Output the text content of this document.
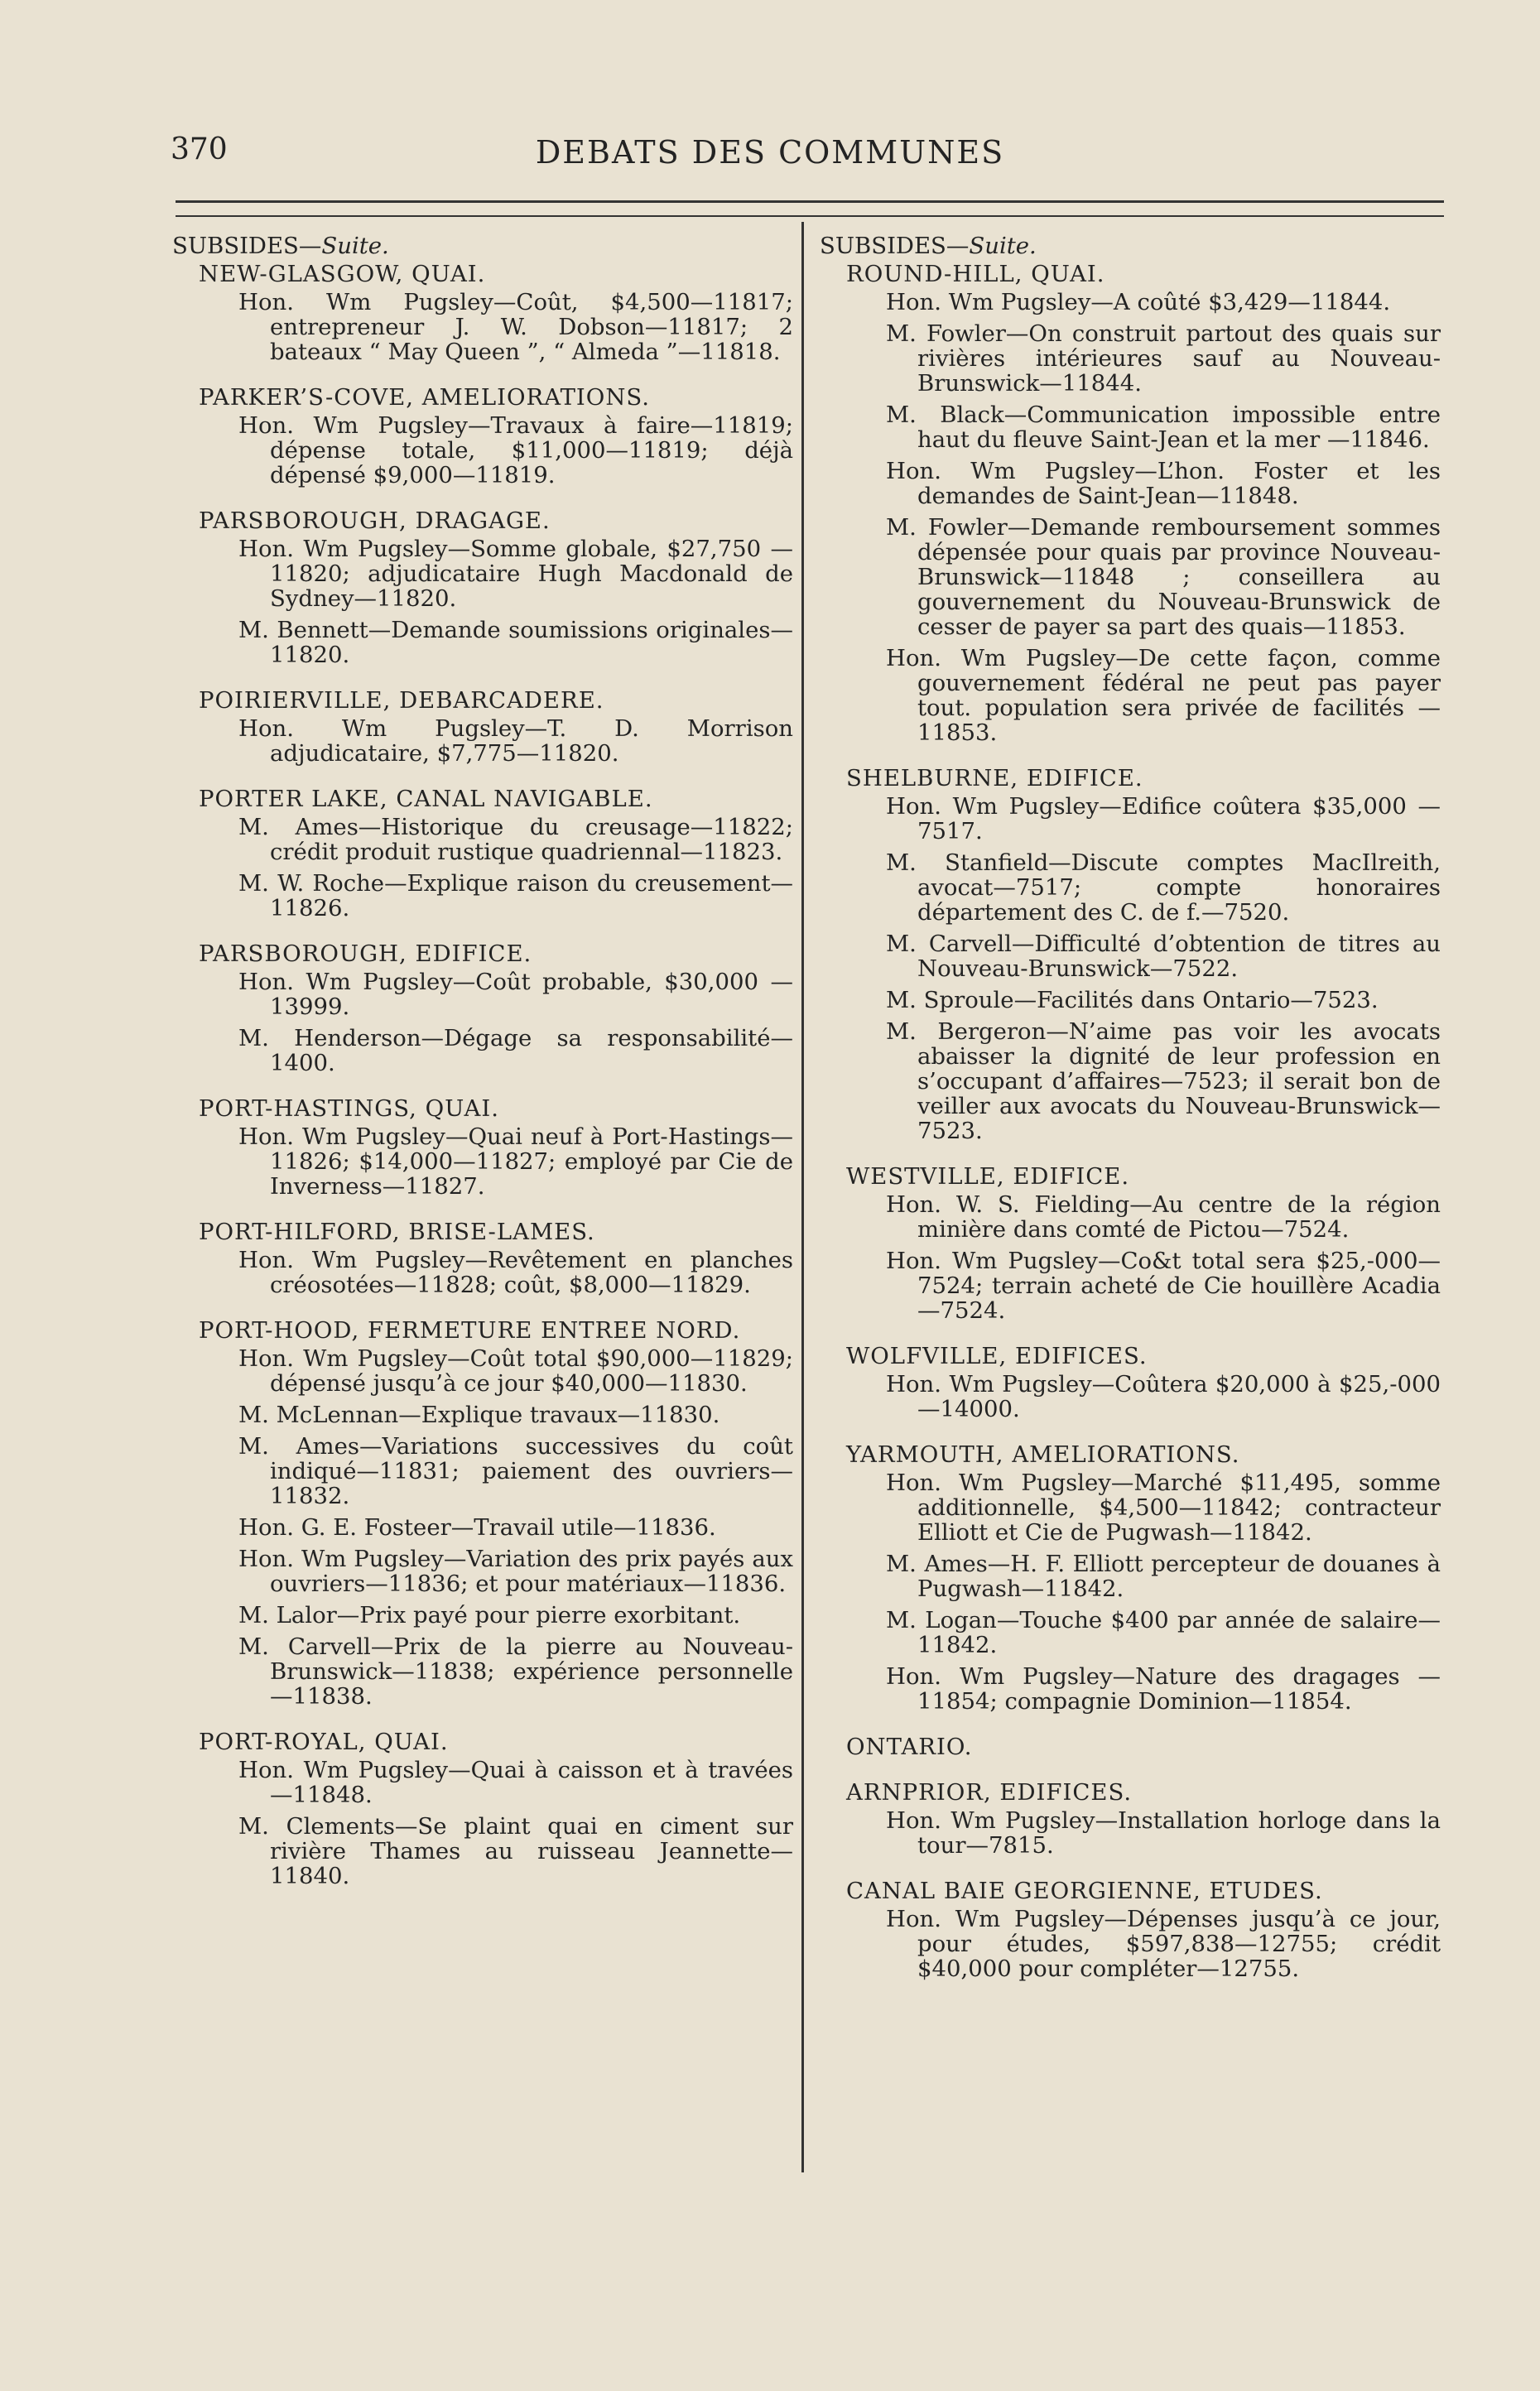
370	DEBATS DES COMMUNES
SUBSIDES—Suite.
NEW-GLASGOW, QUAI.
Hon. Wm Pugsley—Coût, $4,500—11817; entrepreneur J. W. Dobson—11817; 2 bateaux “ May Queen ”, “ Almeda ”—11818.
PARKER’S-COVE, AMELIORATIONS.
Hon. Wm Pugsley—Travaux à faire—11819; dépense totale, $11,000—11819; déjà dépensé $9,000—11819.
PARSBOROUGH, DRAGAGE.
Hon. Wm Pugsley—Somme globale, $27,750 —11820; adjudicataire Hugh Macdonald de Sydney—11820.
M. Bennett—Demande soumissions originales—11820.
POIRIERVILLE, DEBARCADERE.
Hon. Wm Pugsley—T. D. Morrison adjudicataire, $7,775—11820.
PORTER LAKE, CANAL NAVIGABLE.
M. Ames—Historique du creusage—11822; crédit produit rustique quadriennal—11823.
M. W. Roche—Explique raison du creusement—11826.
PARSBOROUGH, EDIFICE.
Hon. Wm Pugsley—Coût probable, $30,000 —13999.
M. Henderson—Dégage sa responsabilité—1400.
PORT-HASTINGS, QUAI.
Hon. Wm Pugsley—Quai neuf à Port-Hastings—11826; $14,000—11827; employé par Cie de Inverness—11827.
PORT-HILFORD, BRISE-LAMES.
Hon. Wm Pugsley—Revêtement en planches créosotées—11828; coût, $8,000—11829.
PORT-HOOD, FERMETURE ENTREE NORD.
Hon. Wm Pugsley—Coût total $90,000—11829; dépensé jusqu’à ce jour $40,000—11830.
M. McLennan—Explique travaux—11830.
M. Ames—Variations successives du coût indiqué—11831; paiement des ouvriers—11832.
Hon. G. E. Fosteer—Travail utile—11836.
Hon. Wm Pugsley—Variation des prix payés aux ouvriers—11836; et pour matériaux—11836.
M. Lalor—Prix payé pour pierre exorbitant.
M. Carvell—Prix de la pierre au Nouveau-Brunswick—11838; expérience personnelle—11838.
PORT-ROYAL, QUAI.
Hon. Wm Pugsley—Quai à caisson et à travées—11848.
M. Clements—Se plaint quai en ciment sur rivière Thames au ruisseau Jeannette—11840.
SUBSIDES—Suite.
ROUND-HILL, QUAI.
Hon. Wm Pugsley—A coûté $3,429—11844.
M. Fowler—On construit partout des quais sur rivières intérieures sauf au Nouveau-Brunswick—11844.
M. Black—Communication impossible entre haut du fleuve Saint-Jean et la mer —11846.
Hon. Wm Pugsley—L’hon. Foster et les demandes de Saint-Jean—11848.
M. Fowler—Demande remboursement sommes dépensée pour quais par province Nouveau-Brunswick—11848 ; conseillera au gouvernement du Nouveau-Brunswick de cesser de payer sa part des quais—11853.
Hon. Wm Pugsley—De cette façon, comme gouvernement fédéral ne peut pas payer tout. population sera privée de facilités —11853.
SHELBURNE, EDIFICE.
Hon. Wm Pugsley—Edifice coûtera $35,000 —7517.
M. Stanfield—Discute comptes MacIlreith, avocat—7517; compte honoraires département des C. de f.—7520.
M. Carvell—Difficulté d’obtention de titres au Nouveau-Brunswick—7522.
M. Sproule—Facilités dans Ontario—7523.
M. Bergeron—N’aime pas voir les avocats abaisser la dignité de leur profession en s’occupant d’affaires—7523; il serait bon de veiller aux avocats du Nouveau-Brunswick—7523.
WESTVILLE, EDIFICE.
Hon. W. S. Fielding—Au centre de la région minière dans comté de Pictou—7524.
Hon. Wm Pugsley—Co&t total sera $25,-000—7524; terrain acheté de Cie houillère Acadia—7524.
WOLFVILLE, EDIFICES.
Hon. Wm Pugsley—Coûtera $20,000 à $25,-000—14000.
YARMOUTH, AMELIORATIONS.
Hon. Wm Pugsley—Marché $11,495, somme additionnelle, $4,500—11842; contracteur Elliott et Cie de Pugwash—11842.
M. Ames—H. F. Elliott percepteur de douanes à Pugwash—11842.
M. Logan—Touche $400 par année de salaire—11842.
Hon. Wm Pugsley—Nature des dragages —11854; compagnie Dominion—11854.
ONTARIO.
ARNPRIOR, EDIFICES.
Hon. Wm Pugsley—Installation horloge dans la tour—7815.
CANAL BAIE GEORGIENNE, ETUDES.
Hon. Wm Pugsley—Dépenses jusqu’à ce jour, pour études, $597,838—12755; crédit $40,000 pour compléter—12755.
